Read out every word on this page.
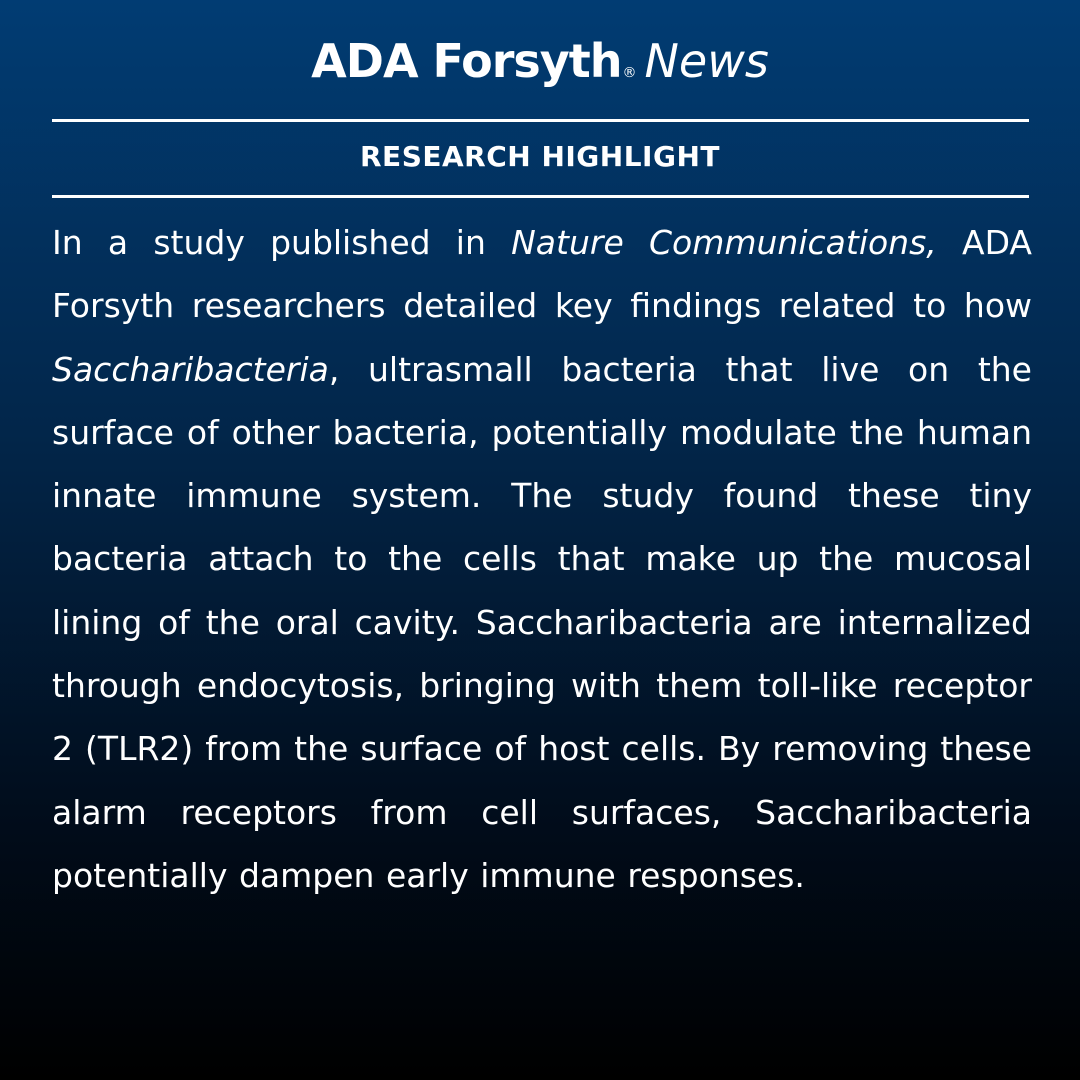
ADA Forsyth® News
RESEARCH HIGHLIGHT
In a study published in Nature Communications, ADA Forsyth researchers detailed key findings related to how Saccharibacteria, ultrasmall bacteria that live on the surface of other bacteria, potentially modulate the human innate immune system. The study found these tiny bacteria attach to the cells that make up the mucosal lining of the oral cavity. Saccharibacteria are internalized through endocytosis, bringing with them toll-like receptor 2 (TLR2) from the surface of host cells. By removing these alarm receptors from cell surfaces, Saccharibacteria potentially dampen early immune responses.
